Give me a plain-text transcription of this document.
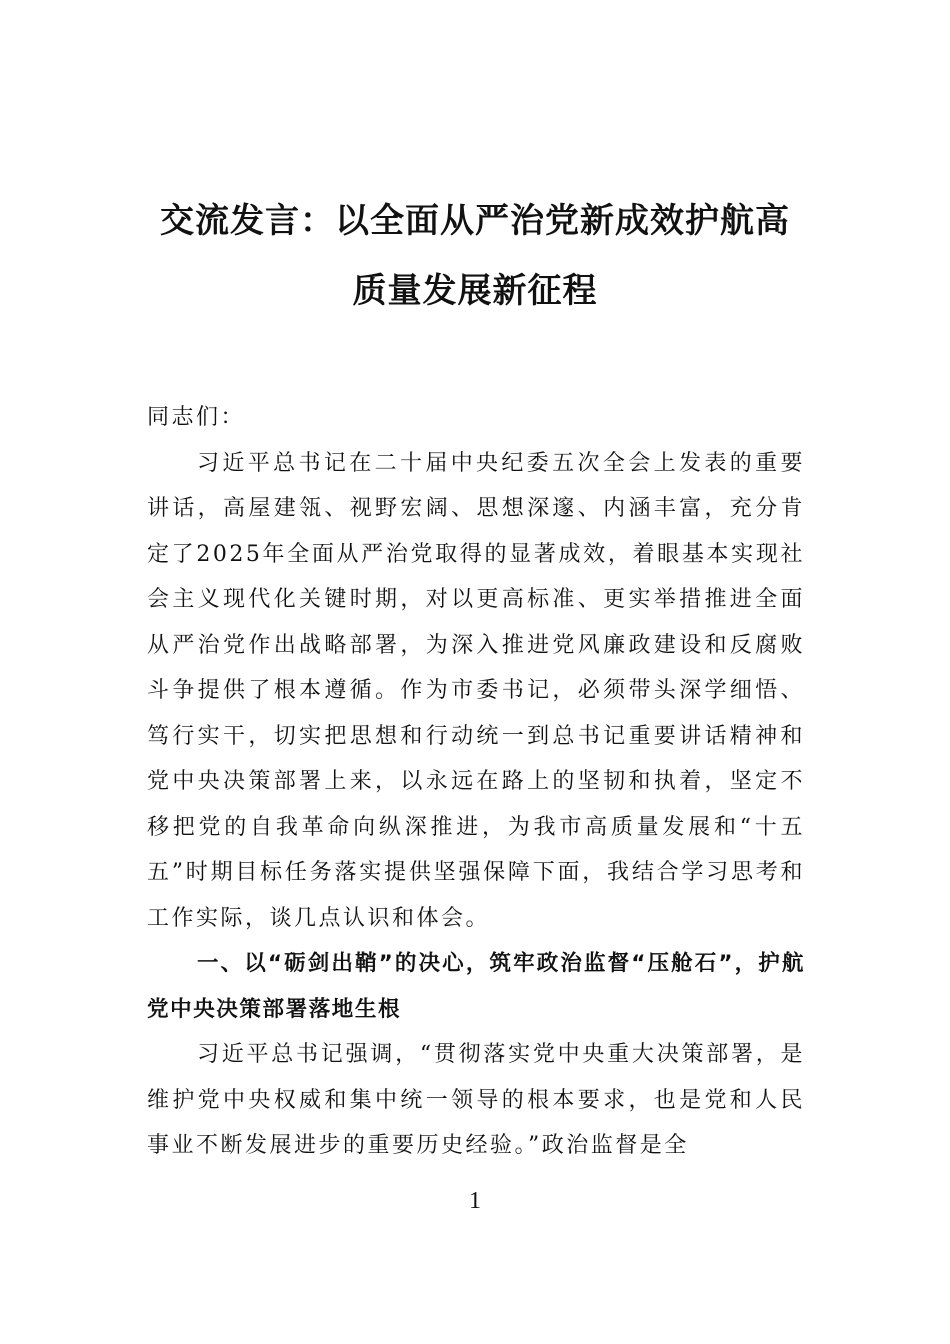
交流发言：以全面从严治党新成效护航高
质量发展新征程

同志们：

习近平总书记在二十届中央纪委五次全会上发表的重要讲话，高屋建瓴、视野宏阔、思想深邃、内涵丰富，充分肯定了2025年全面从严治党取得的显著成效，着眼基本实现社会主义现代化关键时期，对以更高标准、更实举措推进全面从严治党作出战略部署，为深入推进党风廉政建设和反腐败斗争提供了根本遵循。作为市委书记，必须带头深学细悟、笃行实干，切实把思想和行动统一到总书记重要讲话精神和党中央决策部署上来，以永远在路上的坚韧和执着，坚定不移把党的自我革命向纵深推进，为我市高质量发展和“十五五”时期目标任务落实提供坚强保障下面，我结合学习思考和工作实际，谈几点认识和体会。

一、以“砺剑出鞘”的决心，筑牢政治监督“压舱石”，护航党中央决策部署落地生根

习近平总书记强调，“贯彻落实党中央重大决策部署，是维护党中央权威和集中统一领导的根本要求，也是党和人民事业不断发展进步的重要历史经验。”政治监督是全

1
